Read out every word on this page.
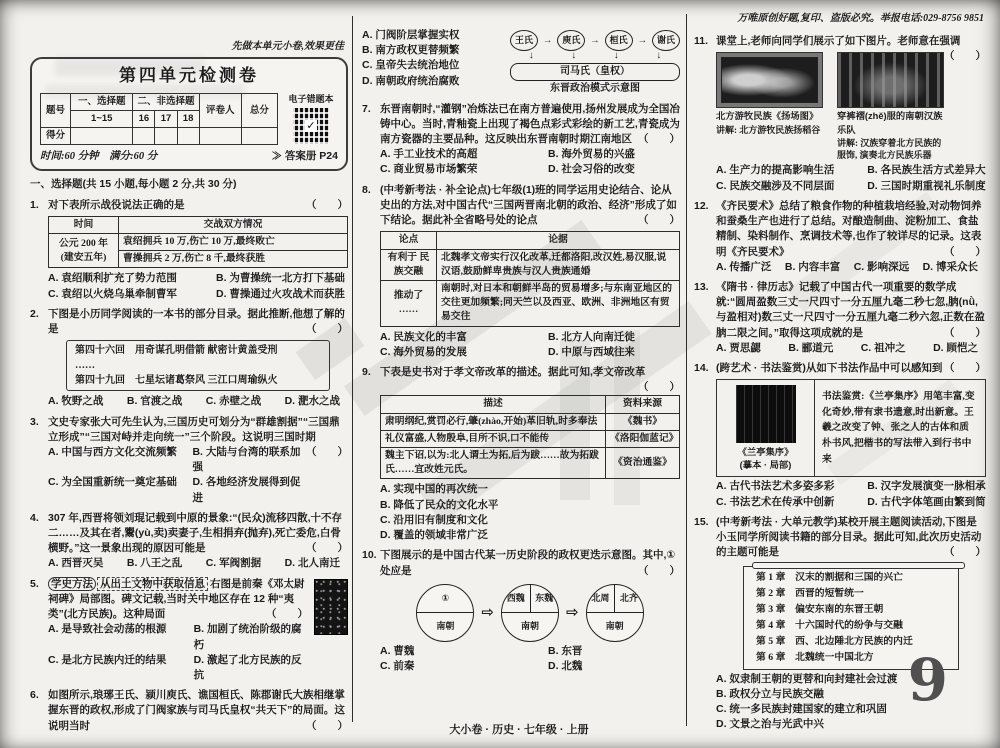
万唯原创好题,复印、盗版必究。举报电话:029-8756 9851
先做本单元小卷,效果更佳
第四单元检测卷
题号	一、选择题	二、非选择题			评卷人	总分
	1~15	16	17	18		
得分						
电子错题本
✓
时间:60 分钟　满分:60 分	≫ 答案册 P24
一、选择题(共 15 小题,每小题 2 分,共 30 分)
1. 对下表所示战役说法正确的是	（　　）
时间	交战双方情况
公元 200 年
(建安五年)	袁绍拥兵 10 万,伤亡 10 万,最终败亡
	曹操拥兵 2 万,伤亡 8 千,最终获胜
A. 袁绍顺利扩充了势力范围	B. 为曹操统一北方打下基础
C. 袁绍以火烧乌巢牵制曹军	D. 曹操通过火攻战术而获胜
2. 下图是小历同学阅读的一本书的部分目录。据此推断,他想了解的是	（　　）
第四十六回　用奇谋孔明借箭 献密计黄盖受刑
……
第四十九回　七星坛诸葛祭风 三江口周瑜纵火
A. 牧野之战 B. 官渡之战 C. 赤壁之战 D. 淝水之战
3. 文史专家张大可先生认为,三国历史可划分为“群雄割据”“三国鼎立形成”“三国对峙并走向统一”三个阶段。这说明三国时期
（　　）
A. 中国与西方文化交流频繁	B. 大陆与台湾的联系加强
C. 为全国重新统一奠定基础	D. 各地经济发展得到促进
4. 307 年,西晋将领刘琨记载到中原的景象:“(民众)流移四散,十不存二……及其在者,鬻(yù,卖)卖妻子,生相捐弃(抛弃),死亡委危,白骨横野。”这一景象出现的原因可能是	（　　）
A. 西晋灭吴 B. 八王之乱 C. 军阀割据 D. 北人南迁
5.	学史方法 从出土文物中获取信息 右图是前秦《邓太尉祠碑》局部图。碑文记载,当时关中地区存在 12 种“夷类”(北方民族)。这种局面	（　　）
A. 是导致社会动荡的根源	B. 加剧了统治阶级的腐朽
C. 是北方民族内迁的结果	D. 激起了北方民族的反抗
6. 如图所示,琅琊王氏、颍川庾氏、谯国桓氏、陈郡谢氏大族相继掌握东晋的政权,形成了门阀家族与司马氏皇权“共天下”的局面。这说明当时	（　　）
A. 门阀阶层掌握实权
B. 南方政权更替频繁
C. 皇帝失去统治地位
D. 南朝政府统治腐败
王氏	→	庾氏	→	桓氏	→	谢氏
↓	↓	↓	↓
司马氏（皇权）
东晋政治模式示意图
7. 东晋南朝时,“灌钢”冶炼法已在南方普遍使用,扬州发展成为全国冶铸中心。当时,青釉瓷上出现了褐色点彩式彩绘的新工艺,青瓷成为南方瓷器的主要品种。这反映出东晋南朝时期江南地区 （　　）
A. 手工业技术的高超	B. 海外贸易的兴盛
C. 商业贸易市场繁荣	D. 社会习俗的改变
8. (中考新考法 · 补全论点)七年级(1)班的同学运用史论结合、论从史出的方法,对中国古代“三国两晋南北朝的政治、经济”形成了如下结论。据此补全省略号处的论点	（　　）
论点	论据
有利于 民族交融	北魏孝文帝实行汉化改革,迁都洛阳,改汉姓,易汉服,说汉语,鼓励鲜卑贵族与汉人贵族通婚
推动了 ……	南朝时,对日本和朝鲜半岛的贸易增多;与东南亚地区的交往更加频繁;同天竺以及西亚、欧洲、非洲地区有贸易交往
A. 民族文化的丰富	B. 北方人向南迁徙
C. 海外贸易的发展	D. 中原与西域往来
9. 下表是史书对于孝文帝改革的描述。据此可知,孝文帝改革
（　　）
描述	资料来源
肃明纲纪,赏罚必行,肇(zhào,开始)革旧轨,时多奉法	《魏书》
礼仪富盛,人物殷阜,目所不识,口不能传	《洛阳伽蓝记》
魏主下诏,以为:北人谓土为拓,后为跋……故为拓跋氏……宜改姓元氏。	《资治通鉴》
A. 实现中国的再次统一
B. 降低了民众的文化水平
C. 沿用旧有制度和文化
D. 覆盖的领域非常广泛
10. 下图展示的是中国古代某一历史阶段的政权更迭示意图。其中,①处应是	（　　）
①
南朝
⇨
西魏	东魏
南朝
⇨
北周	北齐
南朝
A. 曹魏	B. 东晋
C. 前秦	D. 北魏
11. 课堂上,老师向同学们展示了如下图片。老师意在强调
（　　）
北方游牧民族《扬场图》
讲解: 北方游牧民族扬稻谷
穿裤褶(zhě)服的南朝汉族乐队
讲解: 汉族穿着北方民族的服饰, 演奏北方民族乐器
A. 生产力的提高影响生活	B. 各民族生活方式差异大
C. 民族交融涉及不同层面	D. 三国时期重视礼乐制度
12. 《齐民要术》总结了粮食作物的种植栽培经验,对动物饲养和蚕桑生产也进行了总结。对酿造制曲、淀粉加工、食盐精制、染料制作、烹调技术等,也作了较详尽的记录。这表明《齐民要术》	（　　）
A. 传播广泛 B. 内容丰富 C. 影响深远 D. 博采众长
13. 《隋书 · 律历志》记载了中国古代一项重要的数学成就:“圆周盈数三丈一尺四寸一分五厘九毫二秒七忽,朒(nǜ,与盈相对)数三丈一尺四寸一分五厘九毫二秒六忽,正数在盈朒二限之间。”取得这项成就的是	（　　）
A. 贾思勰	B. 郦道元	C. 祖冲之	D. 顾恺之
14. (跨艺术 · 书法鉴赏)从如下书法作品中可以感知到 （　　）
《兰亭集序》
(摹本 · 局部)
书法鉴赏:《兰亭集序》用笔丰富,变化奇妙,带有隶书遗意,时出新意。王羲之改变了钟、张之人的古体和质朴书风,把楷书的写法带入到行书中来
A. 古代书法艺术多姿多彩	B. 汉字发展演变一脉相承
C. 书法艺术在传承中创新	D. 古代字体笔画由繁到简
15. (中考新考法 · 大单元教学)某校开展主题阅读活动,下图是小玉同学所阅读书籍的部分目录。据此可知,此次历史活动的主题可能是	（　　）
第 1 章　汉末的割据和三国的兴亡
第 2 章　西晋的短暂统一
第 3 章　偏安东南的东晋王朝
第 4 章　十六国时代的纷争与交融
第 5 章　西、北边陲北方民族的内迁
第 6 章　北魏统一中国北方
A. 奴隶制王朝的更替和向封建社会过渡
B. 政权分立与民族交融
C. 统一多民族封建国家的建立和巩固
D. 文景之治与光武中兴
大小卷 · 历史 · 七年级 · 上册
9
